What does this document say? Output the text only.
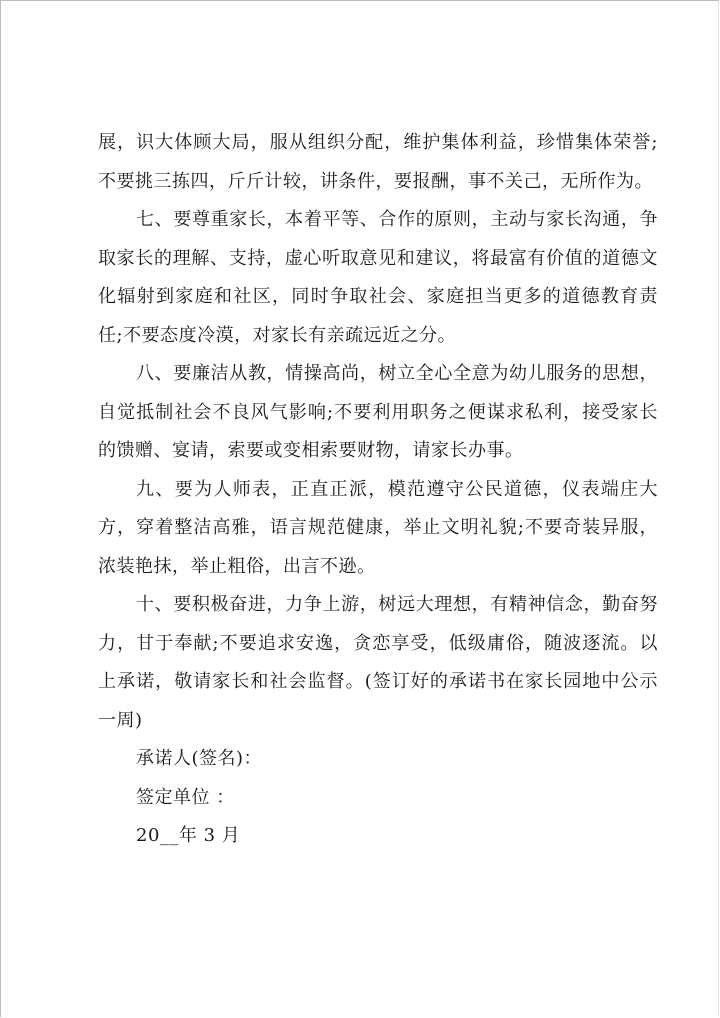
展，识大体顾大局，服从组织分配，维护集体利益，珍惜集体荣誉;不要挑三拣四，斤斤计较，讲条件，要报酬，事不关己，无所作为。

七、要尊重家长，本着平等、合作的原则，主动与家长沟通，争取家长的理解、支持，虚心听取意见和建议，将最富有价值的道德文化辐射到家庭和社区，同时争取社会、家庭担当更多的道德教育责任;不要态度冷漠，对家长有亲疏远近之分。

八、要廉洁从教，情操高尚，树立全心全意为幼儿服务的思想，自觉抵制社会不良风气影响;不要利用职务之便谋求私利，接受家长的馈赠、宴请，索要或变相索要财物，请家长办事。

九、要为人师表，正直正派，模范遵守公民道德，仪表端庄大方，穿着整洁高雅，语言规范健康，举止文明礼貌;不要奇装异服，浓装艳抹，举止粗俗，出言不逊。

十、要积极奋进，力争上游，树远大理想，有精神信念，勤奋努力，甘于奉献;不要追求安逸，贪恋享受，低级庸俗，随波逐流。以上承诺，敬请家长和社会监督。(签订好的承诺书在家长园地中公示一周)

承诺人(签名)：

签定单位 ：

20__年 3 月
